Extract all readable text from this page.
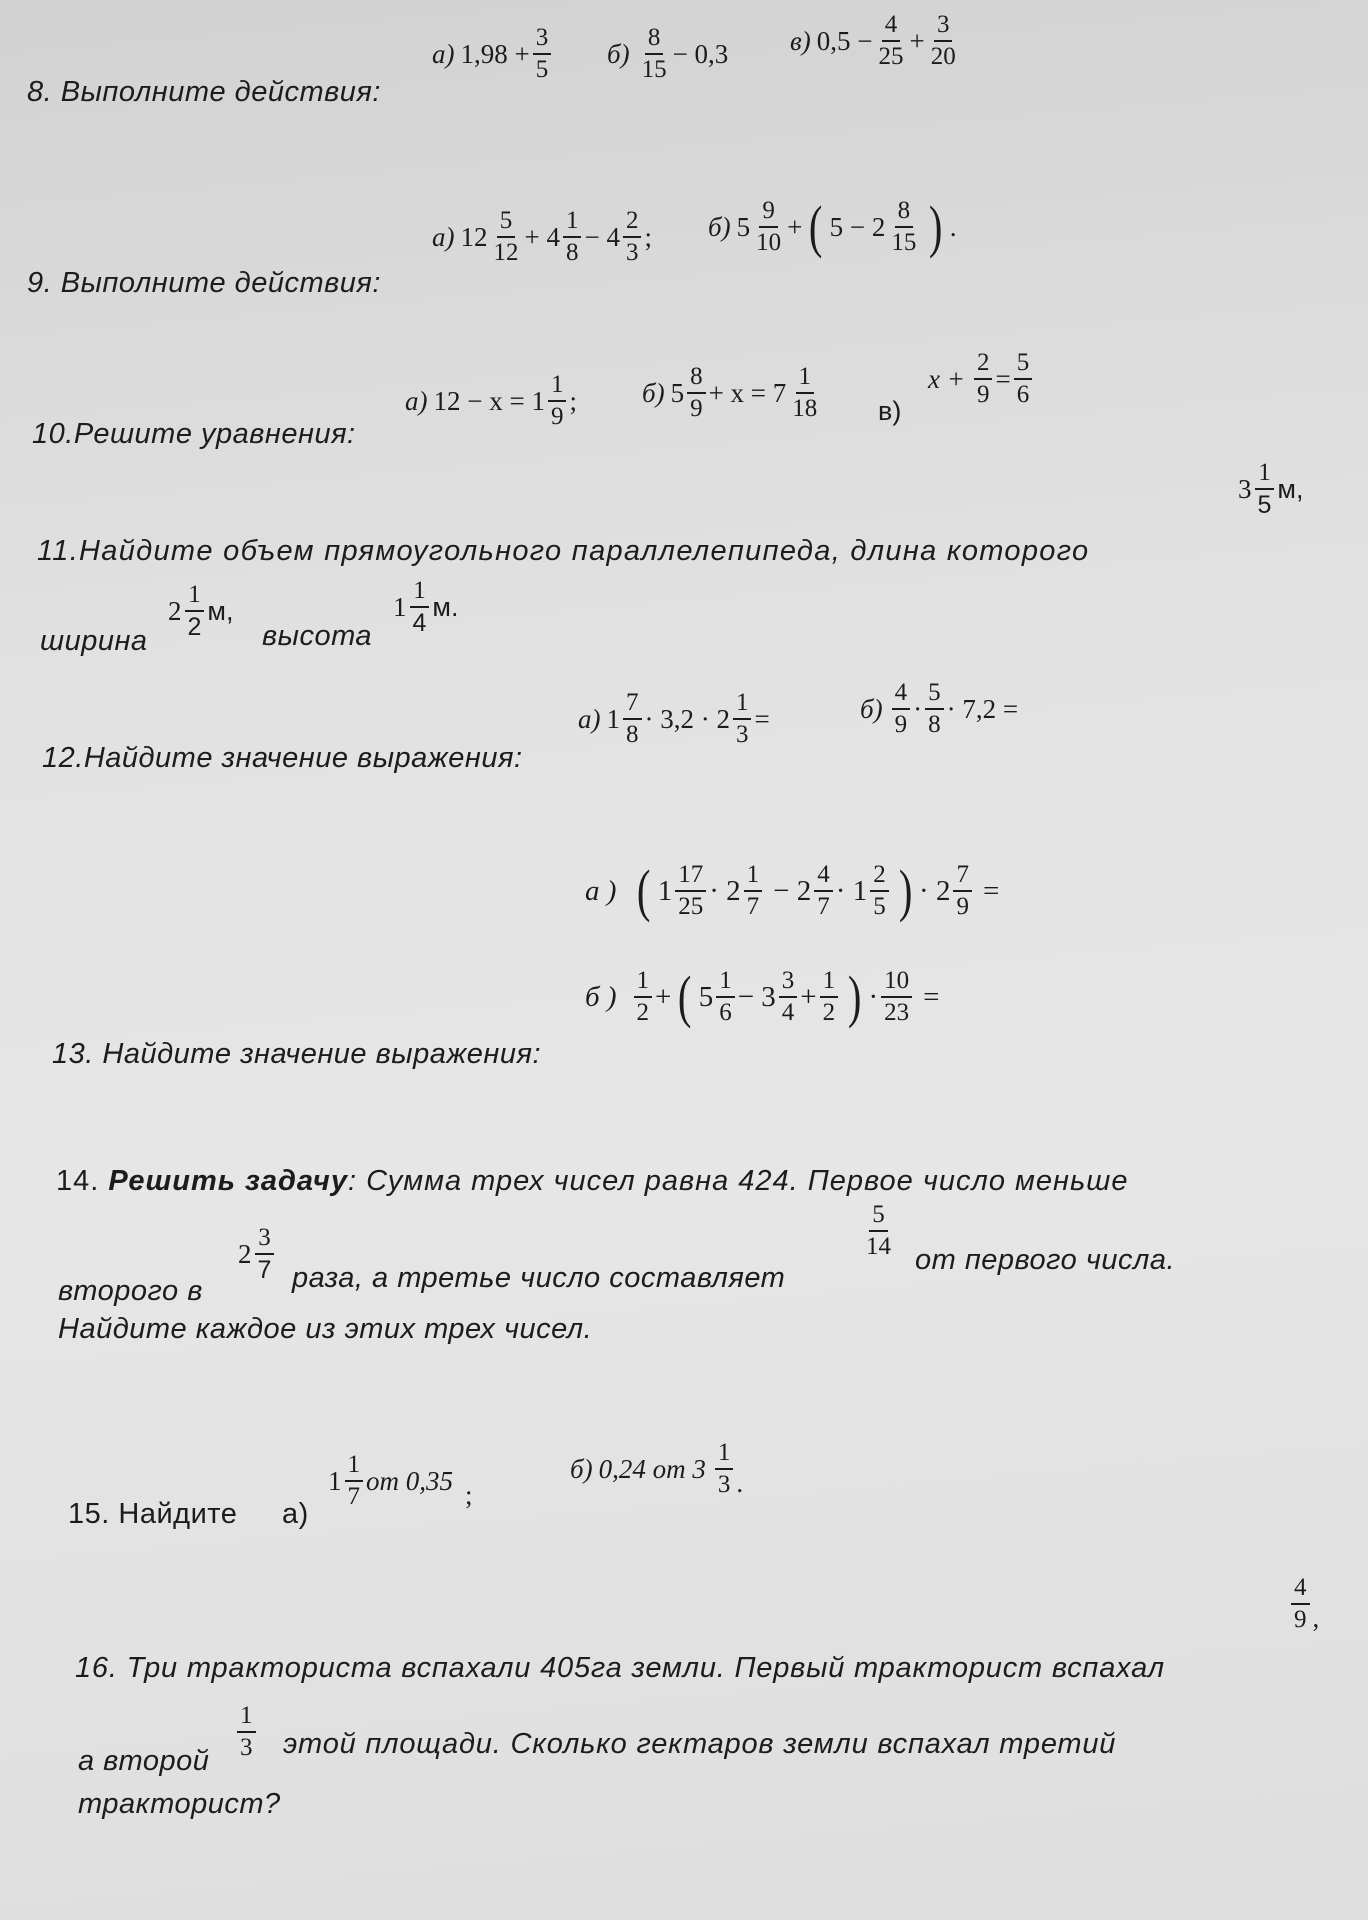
8. Выполните действия:
а) $1,98 + \frac{3}{5} б) \frac{8}{15} - 0,3$ в) $0,5 - \frac{4}{25} + \frac{3}{20}$
9. Выполните действия:
а) $12 \frac{5}{12} + 4 \frac{1}{8} - 4 \frac{2}{3}$ ; б) $5 \frac{9}{10}$ + ( $5 - 2 \frac{8}{15}$ ) .
10.Решите уравнения:
а) $12 - x = 1 \frac{1}{9}$ ; б) $5 \frac{8}{9} + x = 7 \frac{1}{18} в$)
$x + \frac{2}{9} = \frac{5}{6}$
11.Найдите объем прямоугольного параллелепипеда, длина которого
$3 \frac{1}{5} м$,
ширина
$2 \frac{1}{2} м$,
высота
$1 \frac{1}{4} м$.
12.Найдите значение выражения:
а) $1 \frac{7}{8} \cdot 3,2 \cdot 2 \frac{1}{3}$ =	$б) \frac{4}{9} \cdot \frac{5}{8} \cdot 7,2$ =
а ) ( $1 \frac{17}{25} \cdot 2 \frac{1}{7} - 2 \frac{4}{7} \cdot 1 \frac{2}{5}$ ) · $2 \frac{7}{9}$ =
б ) $\frac{1}{2}$ + ( $5 \frac{1}{6} - 3 \frac{3}{4} + \frac{1}{2}$ ) · $\frac{10}{23}$ =
13. Найдите значение выражения:
14. Решить задачу: Сумма трех чисел равна 424. Первое число меньше
второго в
$2 \frac{3}{7}$ раза, а третье число составляет
$\frac{5}{14}$ от первого числа.
Найдите каждое из этих трех чисел.
15. Найдите а)
$1 \frac{1}{7}$ от 0,35 ;
б) 0,24 от $3 \frac{1}{3}$ .
16. Три тракториста вспахали 405га земли. Первый тракторист вспахал
$\frac{4}{9}$ ,
а второй $\frac{1}{3}$ этой площади. Сколько гектаров земли вспахал третий
тракторист?
